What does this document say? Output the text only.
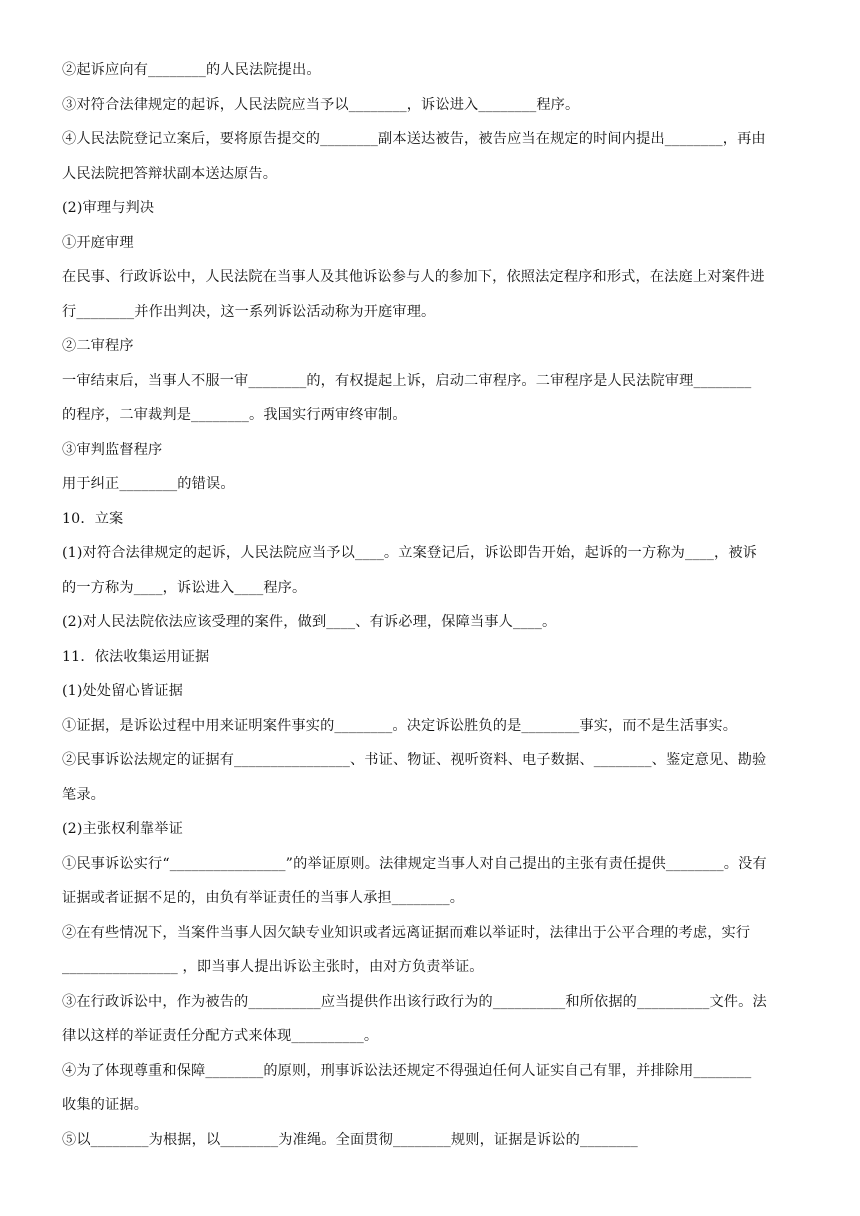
②起诉应向有________的人民法院提出。
③对符合法律规定的起诉，人民法院应当予以________，诉讼进入________程序。
④人民法院登记立案后，要将原告提交的________副本送达被告，被告应当在规定的时间内提出________，再由
人民法院把答辩状副本送达原告。
(2)审理与判决
①开庭审理
在民事、行政诉讼中，人民法院在当事人及其他诉讼参与人的参加下，依照法定程序和形式，在法庭上对案件进
行________并作出判决，这一系列诉讼活动称为开庭审理。
②二审程序
一审结束后，当事人不服一审________的，有权提起上诉，启动二审程序。二审程序是人民法院审理________
的程序，二审裁判是________。我国实行两审终审制。
③审判监督程序
用于纠正________的错误。
10．立案
(1)对符合法律规定的起诉，人民法院应当予以____。立案登记后，诉讼即告开始，起诉的一方称为____，被诉
的一方称为____，诉讼进入____程序。
(2)对人民法院依法应该受理的案件，做到____、有诉必理，保障当事人____。
11．依法收集运用证据
(1)处处留心皆证据
①证据，是诉讼过程中用来证明案件事实的________。决定诉讼胜负的是________事实，而不是生活事实。
②民事诉讼法规定的证据有________________、书证、物证、视听资料、电子数据、________、鉴定意见、勘验
笔录。
(2)主张权利靠举证
①民事诉讼实行“________________”的举证原则。法律规定当事人对自己提出的主张有责任提供________。没有
证据或者证据不足的，由负有举证责任的当事人承担________。
②在有些情况下，当案件当事人因欠缺专业知识或者远离证据而难以举证时，法律出于公平合理的考虑，实行
________________ ，即当事人提出诉讼主张时，由对方负责举证。
③在行政诉讼中，作为被告的__________应当提供作出该行政行为的__________和所依据的__________文件。法
律以这样的举证责任分配方式来体现__________。
④为了体现尊重和保障________的原则，刑事诉讼法还规定不得强迫任何人证实自己有罪，并排除用________
收集的证据。
⑤以________为根据，以________为准绳。全面贯彻________规则，证据是诉讼的________
